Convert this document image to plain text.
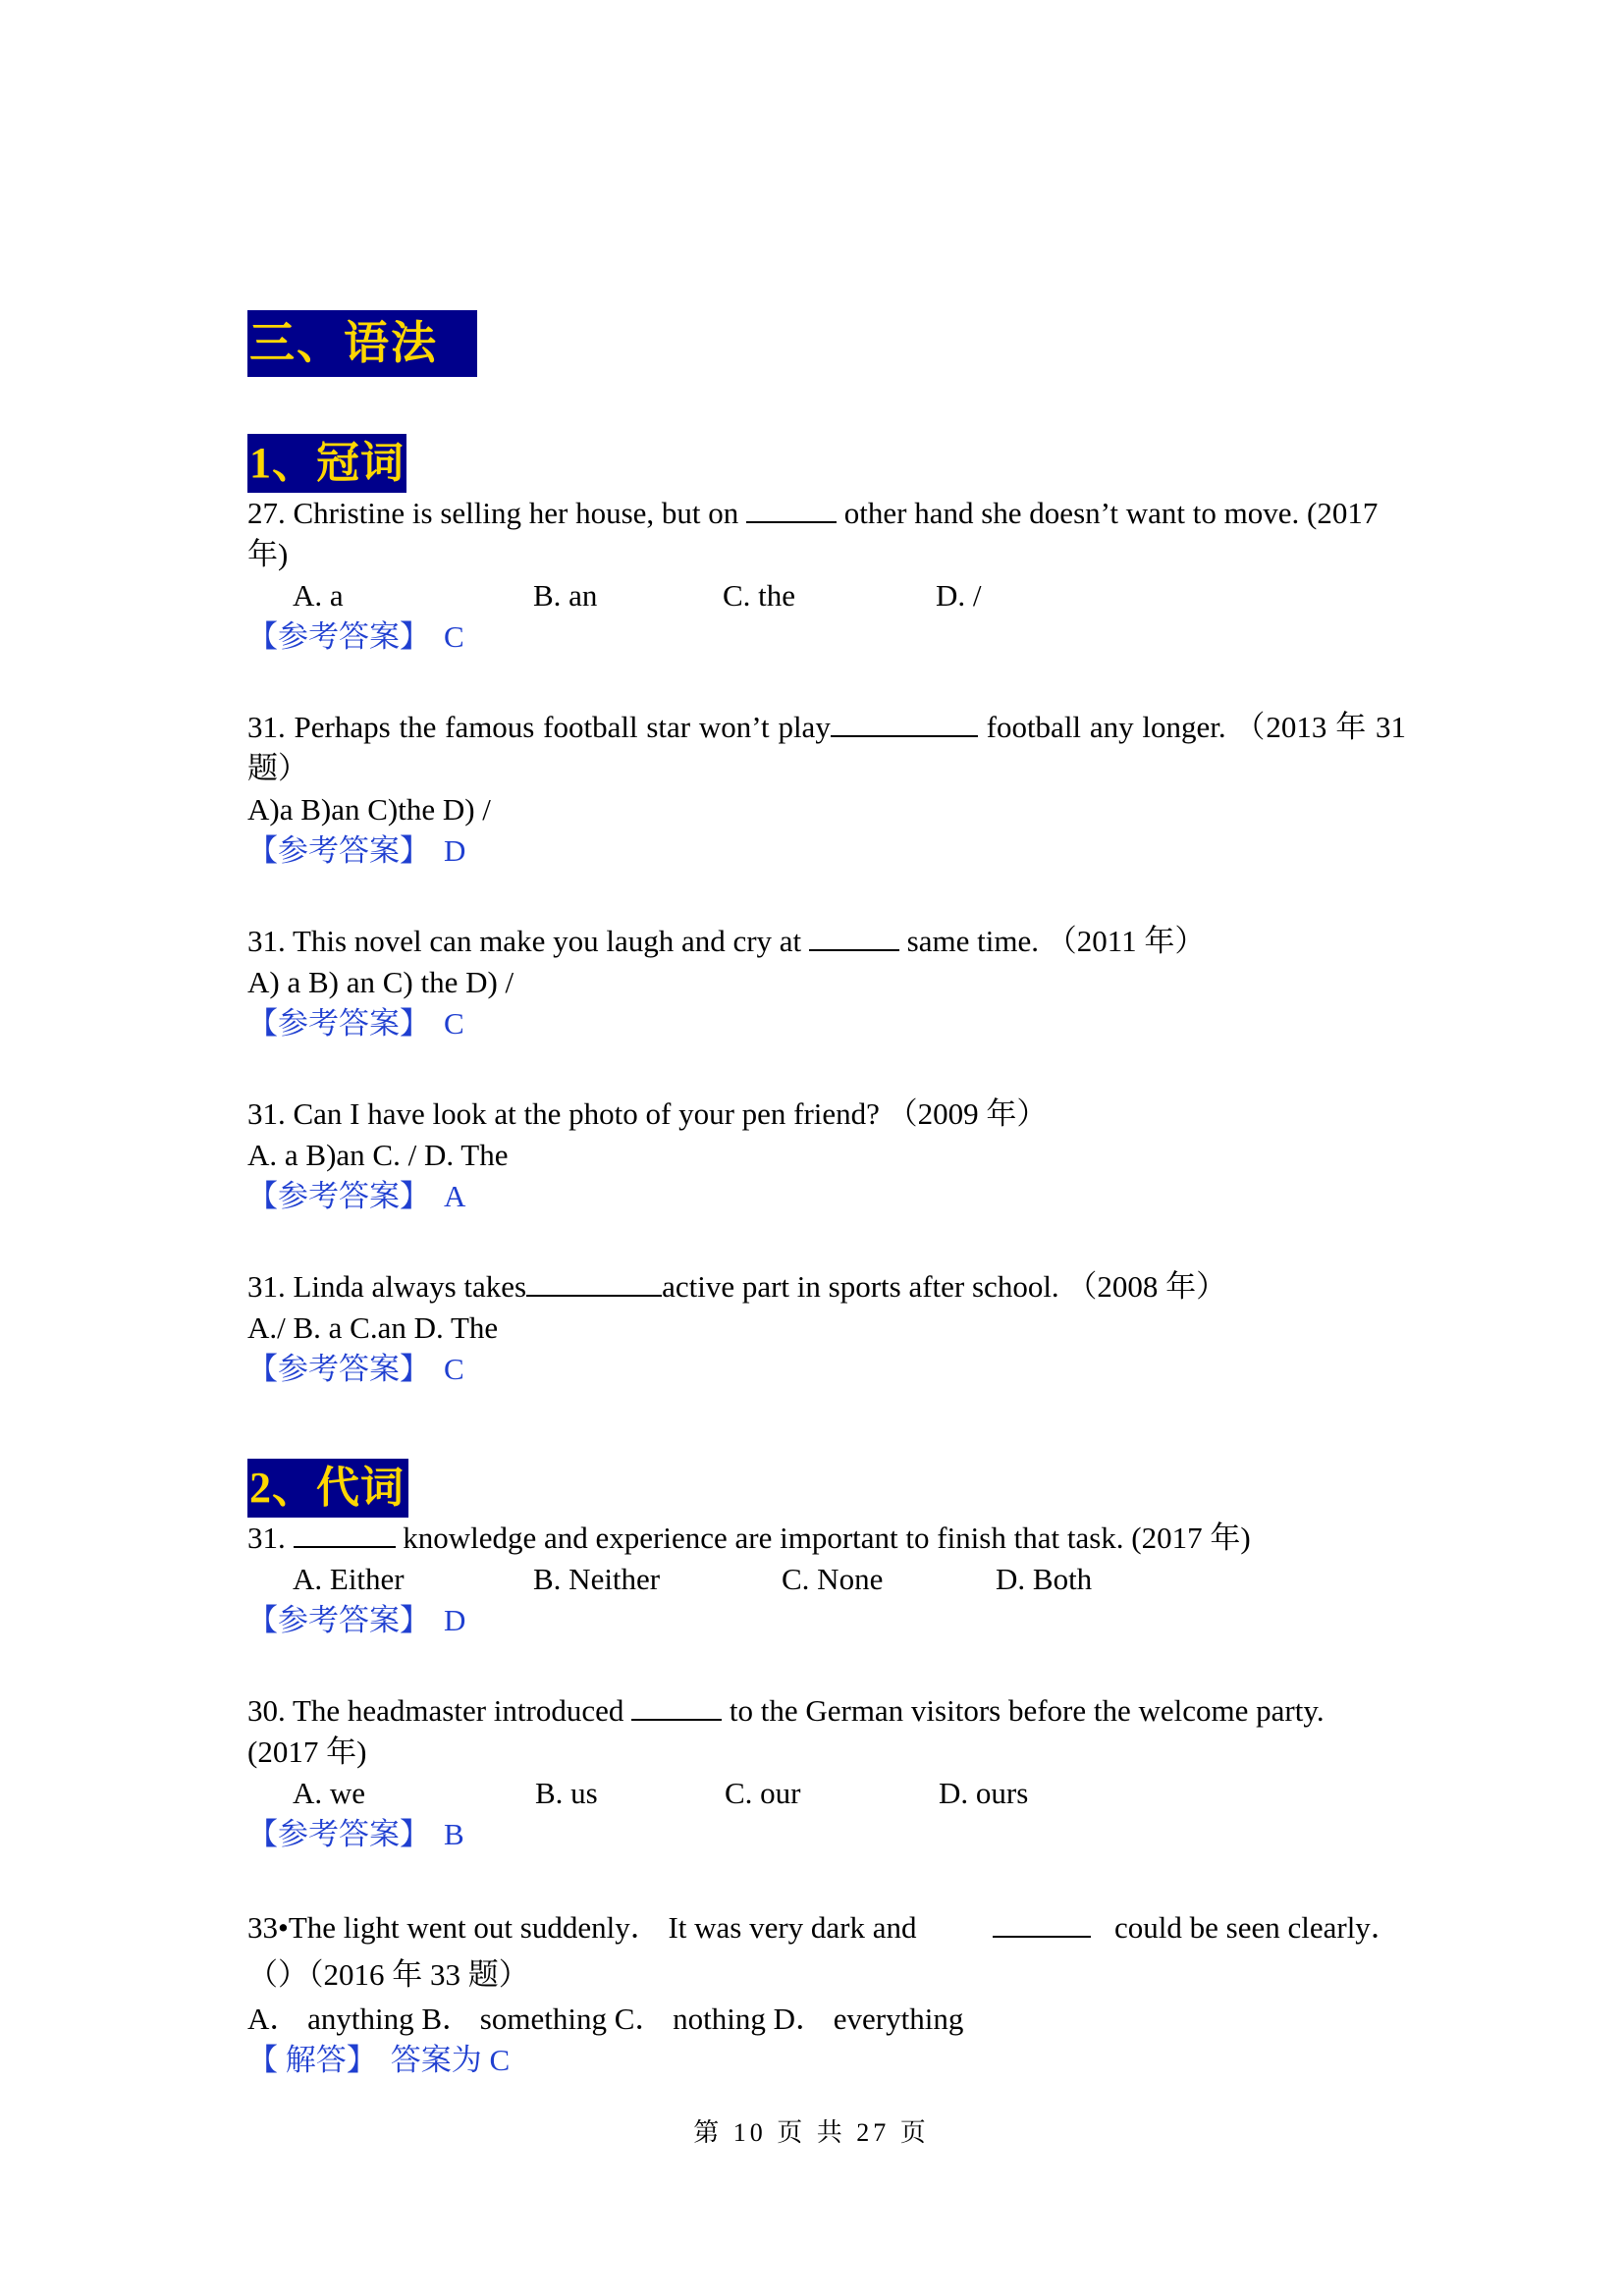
三、语法
1、冠词

27. Christine is selling her house, but on	other hand she doesn’t want to move. (2017 年)

A. a	B. an	C. the	D. /

【参考答案】 C

31. Perhaps the famous football star won’t play	football any longer. （2013 年 31 题）

A)a B)an C)the D) /

【参考答案】 D

31. This novel can make you laugh and cry at	same time. （2011 年）

A) a B) an C) the D) /

【参考答案】 C

31. Can I have look at the photo of your pen friend? （2009 年）

A. a B)an C. / D. The

【参考答案】 A

31. Linda always takes	active part in sports after school. （2008 年）

A./ B. a C.an D. The

【参考答案】 C

2、代词

31.	knowledge and experience are important to finish that task. (2017 年)

A. Either	B. Neither	C. None	D. Both

【参考答案】 D

30. The headmaster introduced	to the German visitors before the welcome party. (2017 年)

A. we	B. us	C. our	D. ours

【参考答案】 B

33•The light went out suddenly． It was very dark and	could be seen clearly． （）（2016 年 33 题）

A． anything B． something C． nothing D． everything

【 解答】 答案为 C

第 10 页 共 27 页
